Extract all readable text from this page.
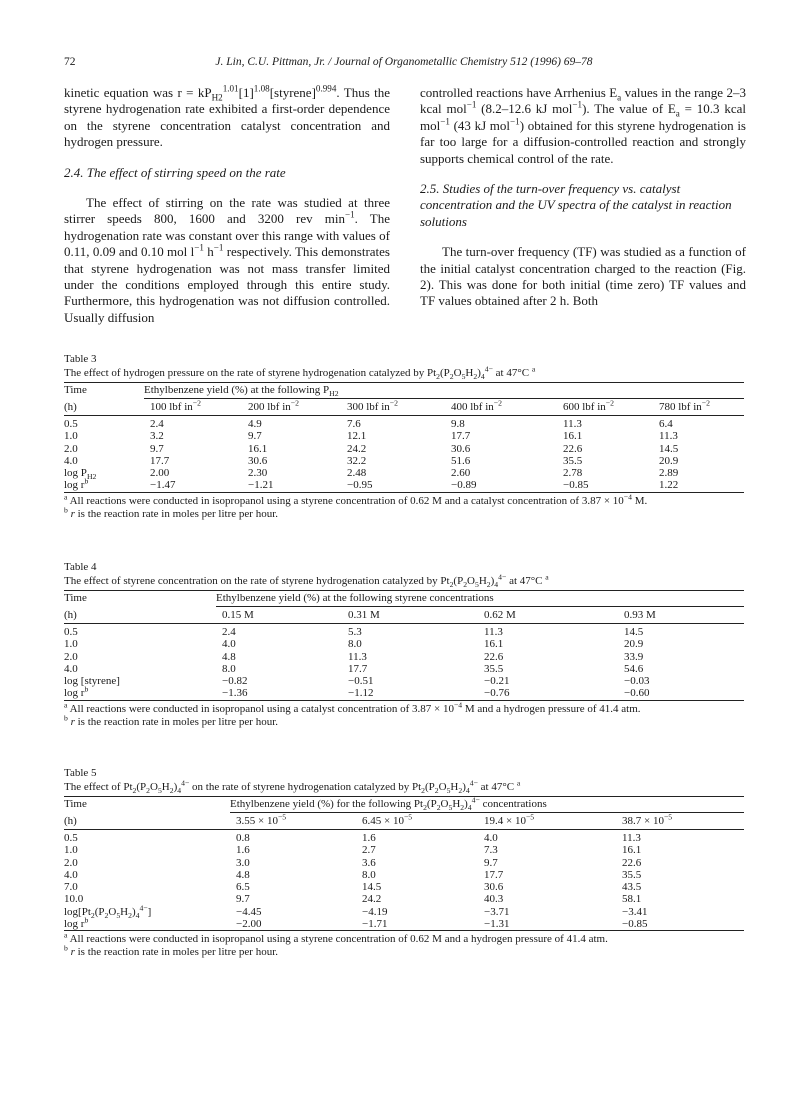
72	J. Lin, C.U. Pittman, Jr. / Journal of Organometallic Chemistry 512 (1996) 69–78

kinetic equation was $r = kP_{H2}^{1.01}[1]^{1.08}[styrene]^{0.994}$. Thus the styrene hydrogenation rate exhibited a first-order dependence on the styrene concentration catalyst concentration and hydrogen pressure.

2.4. The effect of stirring speed on the rate

The effect of stirring on the rate was studied at three stirrer speeds 800, 1600 and 3200 rev $\min^{-1}$. The hydrogenation rate was constant over this range with values of 0.11, 0.09 and 0.10 mol $l^{-1}$ $h^{-1}$ respectively. This demonstrates that styrene hydrogenation was not mass transfer limited under the conditions employed through this entire study. Furthermore, this hydrogenation was not diffusion controlled. Usually diffusion

controlled reactions have Arrhenius $E_a$ values in the range 2–3 kcal mol$^{-1}$ (8.2–12.6 kJ mol$^{-1}$). The value of $E_a = 10.3$ kcal mol$^{-1}$ (43 kJ mol$^{-1}$) obtained for this styrene hydrogenation is far too large for a diffusion-controlled reaction and strongly supports chemical control of the rate.

2.5. Studies of the turn-over frequency vs. catalyst concentration and the UV spectra of the catalyst in reaction solutions

The turn-over frequency (TF) was studied as a function of the initial catalyst concentration charged to the reaction (Fig. 2). This was done for both initial (time zero) TF values and TF values obtained after 2 h. Both

Table 3
The effect of hydrogen pressure on the rate of styrene hydrogenation catalyzed by $Pt_2(P_2O_5H_2)_4^{4-}$ at 47°C $^a$
Time	Ethylbenzene yield (%) at the following $P_{H2}$

(h)	100 lbf $in^{-2}$	200 lbf $in^{-2}$	300 lbf $in^{-2}$	400 lbf $in^{-2}$	600 lbf $in^{-2}$	780 lbf $in^{-2}$
0.5	2.4	4.9	7.6	9.8	11.3	6.4
1.0	3.2	9.7	12.1	17.7	16.1	11.3
2.0	9.7	16.1	24.2	30.6	22.6	14.5
4.0	17.7	30.6	32.2	51.6	35.5	20.9
$\log P_{H2}$	2.00	2.30	2.48	2.60	2.78	2.89
$\log r^b$	−1.47	−1.21	−0.95	−0.89	−0.85	1.22
$^a$ All reactions were conducted in isopropanol using a styrene concentration of 0.62 M and a catalyst concentration of $3.87 \times 10^{-4}$ M.
$^b$ r is the reaction rate in moles per litre per hour.
Table 4
The effect of styrene concentration on the rate of styrene hydrogenation catalyzed by $Pt_2(P_2O_5H_2)_4^{4-}$ at 47°C $^a$
Time	Ethylbenzene yield (%) at the following styrene concentrations			

(h)	0.15 M	0.31 M	0.62 M	0.93 M
0.5	2.4	5.3	11.3	14.5
1.0	4.0	8.0	16.1	20.9
2.0	4.8	11.3	22.6	33.9
4.0	8.0	17.7	35.5	54.6
log [styrene]	−0.82	−0.51	−0.21	−0.03
$\log r^b$	−1.36	−1.12	−0.76	−0.60
$^a$ All reactions were conducted in isopropanol using a catalyst concentration of $3.87 \times 10^{-4}$ M and a hydrogen pressure of 41.4 atm.
$^b$ r is the reaction rate in moles per litre per hour.
Table 5
The effect of $Pt_2(P_2O_5H_2)_4^{4-}$ on the rate of styrene hydrogenation catalyzed by $Pt_2(P_2O_5H_2)_4^{4-}$ at 47°C $^a$
Time	Ethylbenzene yield (%) for the following $Pt_2(P_2O_5H_2)_4^{4-}$ concentrations			

(h)	$3.55 \times 10^{-5}$	$6.45 \times 10^{-5}$	$19.4 \times 10^{-5}$	$38.7 \times 10^{-5}$
0.5	0.8	1.6	4.0	11.3
1.0	1.6	2.7	7.3	16.1
2.0	3.0	3.6	9.7	22.6
4.0	4.8	8.0	17.7	35.5
7.0	6.5	14.5	30.6	43.5
10.0	9.7	24.2	40.3	58.1
$\log[Pt_2(P_2O_5H_2)_4^{4-}]$	−4.45	−4.19	−3.71	−3.41
$\log r^b$	−2.00	−1.71	−1.31	−0.85
$^a$ All reactions were conducted in isopropanol using a styrene concentration of 0.62 M and a hydrogen pressure of 41.4 atm.
$^b$ r is the reaction rate in moles per litre per hour.
